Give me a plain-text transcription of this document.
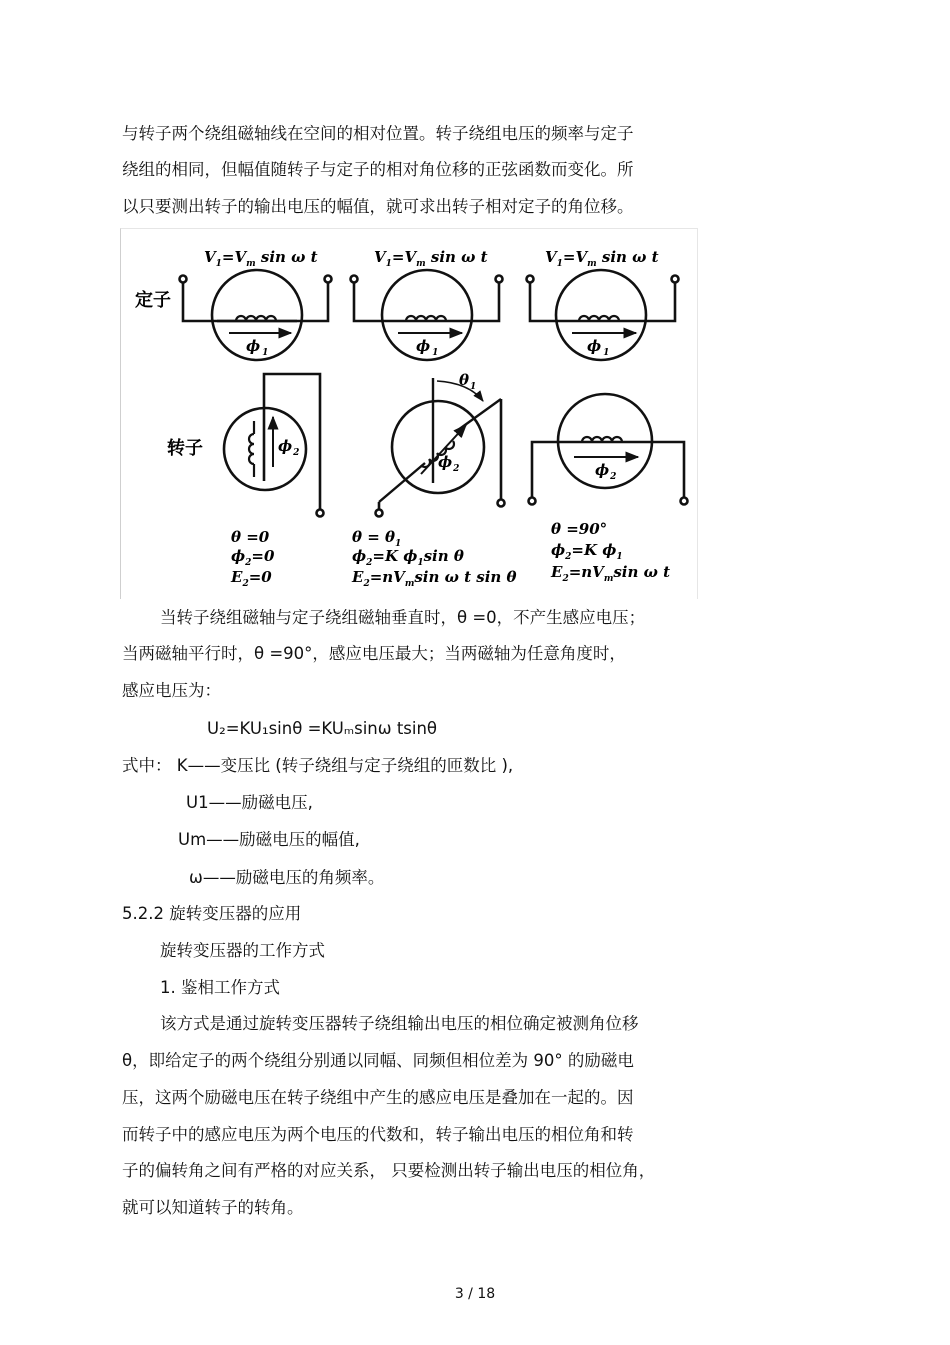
与转子两个绕组磁轴线在空间的相对位置。转子绕组电压的频率与定子
绕组的相同，但幅值随转子与定子的相对角位移的正弦函数而变化。所
以只要测出转子的输出电压的幅值，就可求出转子相对定子的角位移。
定子
转子
$V_1=V_m$ sin ω t	$V_1=V_m$ sin ω t	$V_1=V_m$ sin ω t
ϕ $_1$	ϕ $_1$	ϕ $_1$
$\phi_2$	$\phi_2$	$\phi_2$
$\theta_1$
θ =0
$\phi_2=0$
$E_2=0$
$\theta = \theta_1$
$\phi_2=K$ $\phi_1\sin$ θ
$E_2=nV_m\sin$ ω t sin θ
θ =90°
$\phi_2=K$ $\phi_1$
$E_2=nV_m\sin$ ω t
当转子绕组磁轴与定子绕组磁轴垂直时，θ =0，不产生感应电压；
当两磁轴平行时，θ =90°，感应电压最大；当两磁轴为任意角度时，
感应电压为：
U₂=KU₁sinθ =KUₘsinω tsinθ
式中： K——变压比 (转子绕组与定子绕组的匝数比 ),
U1——励磁电压,
Um——励磁电压的幅值,
ω——励磁电压的角频率。
5.2.2 旋转变压器的应用
旋转变压器的工作方式
1. 鉴相工作方式
该方式是通过旋转变压器转子绕组输出电压的相位确定被测角位移
θ，即给定子的两个绕组分别通以同幅、同频但相位差为 90° 的励磁电
压，这两个励磁电压在转子绕组中产生的感应电压是叠加在一起的。因
而转子中的感应电压为两个电压的代数和，转子输出电压的相位角和转
子的偏转角之间有严格的对应关系， 只要检测出转子输出电压的相位角，
就可以知道转子的转角。
3 / 18
